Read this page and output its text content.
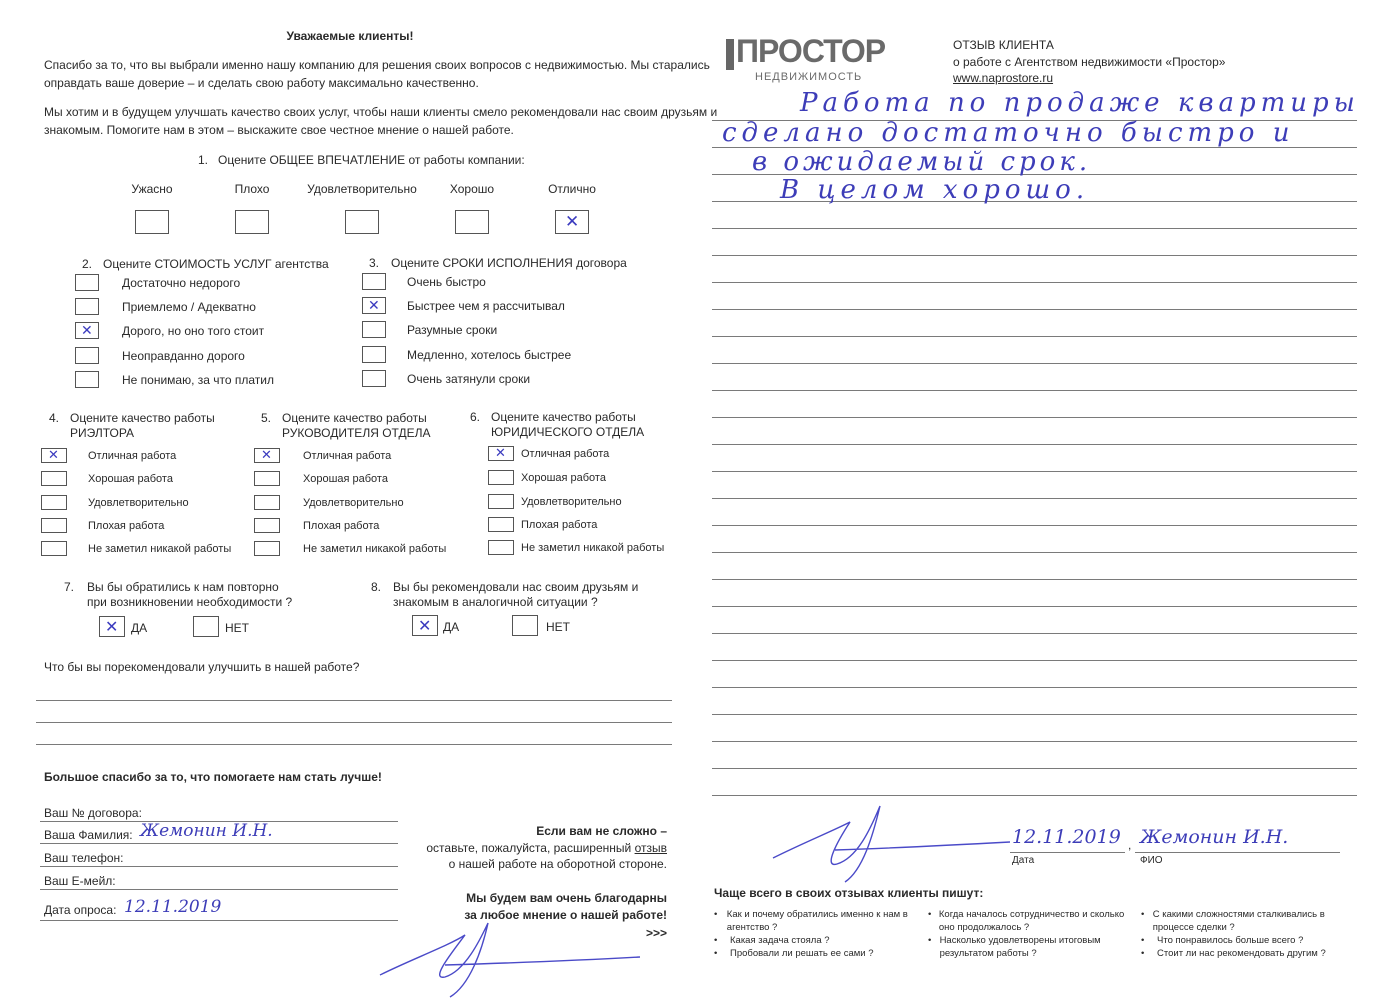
Уважаемые клиенты!
Спасибо за то, что вы выбрали именно нашу компанию для решения своих вопросов с недвижимостью. Мы старались
оправдать ваше доверие – и сделать свою работу максимально качественно.
Мы хотим и в будущем улучшать качество своих услуг, чтобы наши клиенты смело рекомендовали нас своим друзьям и
знакомым. Помогите нам в этом – выскажите свое честное мнение о нашей работе.
1. Оцените ОБЩЕЕ ВПЕЧАТЛЕНИЕ от работы компании:
Ужасно	Плохо	Удовлетворительно	Хорошо	Отлично
✕
2. Оцените СТОИМОСТЬ УСЛУГ агентства
Достаточно недорого
Приемлемо / Адекватно
✕ Дорого, но оно того стоит
Неоправданно дорого
Не понимаю, за что платил
3. Оцените СРОКИ ИСПОЛНЕНИЯ договора
Очень быстро
✕ Быстрее чем я рассчитывал
Разумные сроки
Медленно, хотелось быстрее
Очень затянули сроки
4. Оцените качество работы
РИЭЛТОРА
✕	Отличная работа
Хорошая работа
Удовлетворительно
Плохая работа
Не заметил никакой работы
5. Оцените качество работы
РУКОВОДИТЕЛЯ ОТДЕЛА
✕	Отличная работа
Хорошая работа
Удовлетворительно
Плохая работа
Не заметил никакой работы
6. Оцените качество работы
ЮРИДИЧЕСКОГО ОТДЕЛА
✕ Отличная работа
Хорошая работа
Удовлетворительно
Плохая работа
Не заметил никакой работы
7. Вы бы обратились к нам повторно
при возникновении необходимости ?
✕ ДА	НЕТ
8. Вы бы рекомендовали нас своим друзьям и
знакомым в аналогичной ситуации ?
✕ ДА	НЕТ
Что бы вы порекомендовали улучшить в нашей работе?
Большое спасибо за то, что помогаете нам стать лучше!
Ваш № договора:
Ваша Фамилия: Жемонин И.Н.
Ваш телефон:
Ваш Е-мейл:
Дата опроса: 12.11.2019
Если вам не сложно –
оставьте, пожалуйста, расширенный отзыв
о нашей работе на оборотной стороне.
Мы будем вам очень благодарны
за любое мнение о нашей работе!
>>>
ПРОСТОР
НЕДВИЖИМОСТЬ
ОТЗЫВ КЛИЕНТА
о работе с Агентством недвижимости «Простор»
www.naprostore.ru
Работа по продаже квартиры
сделано достаточно быстро и
в ожидаемый срок.
В целом хорошо.
12.11.2019
Дата
, Жемонин И.Н.
ФИО
Чаще всего в своих отзывах клиенты пишут:
• Как и почему обратились именно к нам в агентство ?
•	Какая задача стояла ?
•	Пробовали ли решать ее сами ?
• Когда началось сотрудничество и сколько оно продолжалось ?
• Насколько удовлетворены итоговым результатом работы ?
• С какими сложностями сталкивались в процессе сделки ?
•	Что понравилось больше всего ?
•	Стоит ли нас рекомендовать другим ?
